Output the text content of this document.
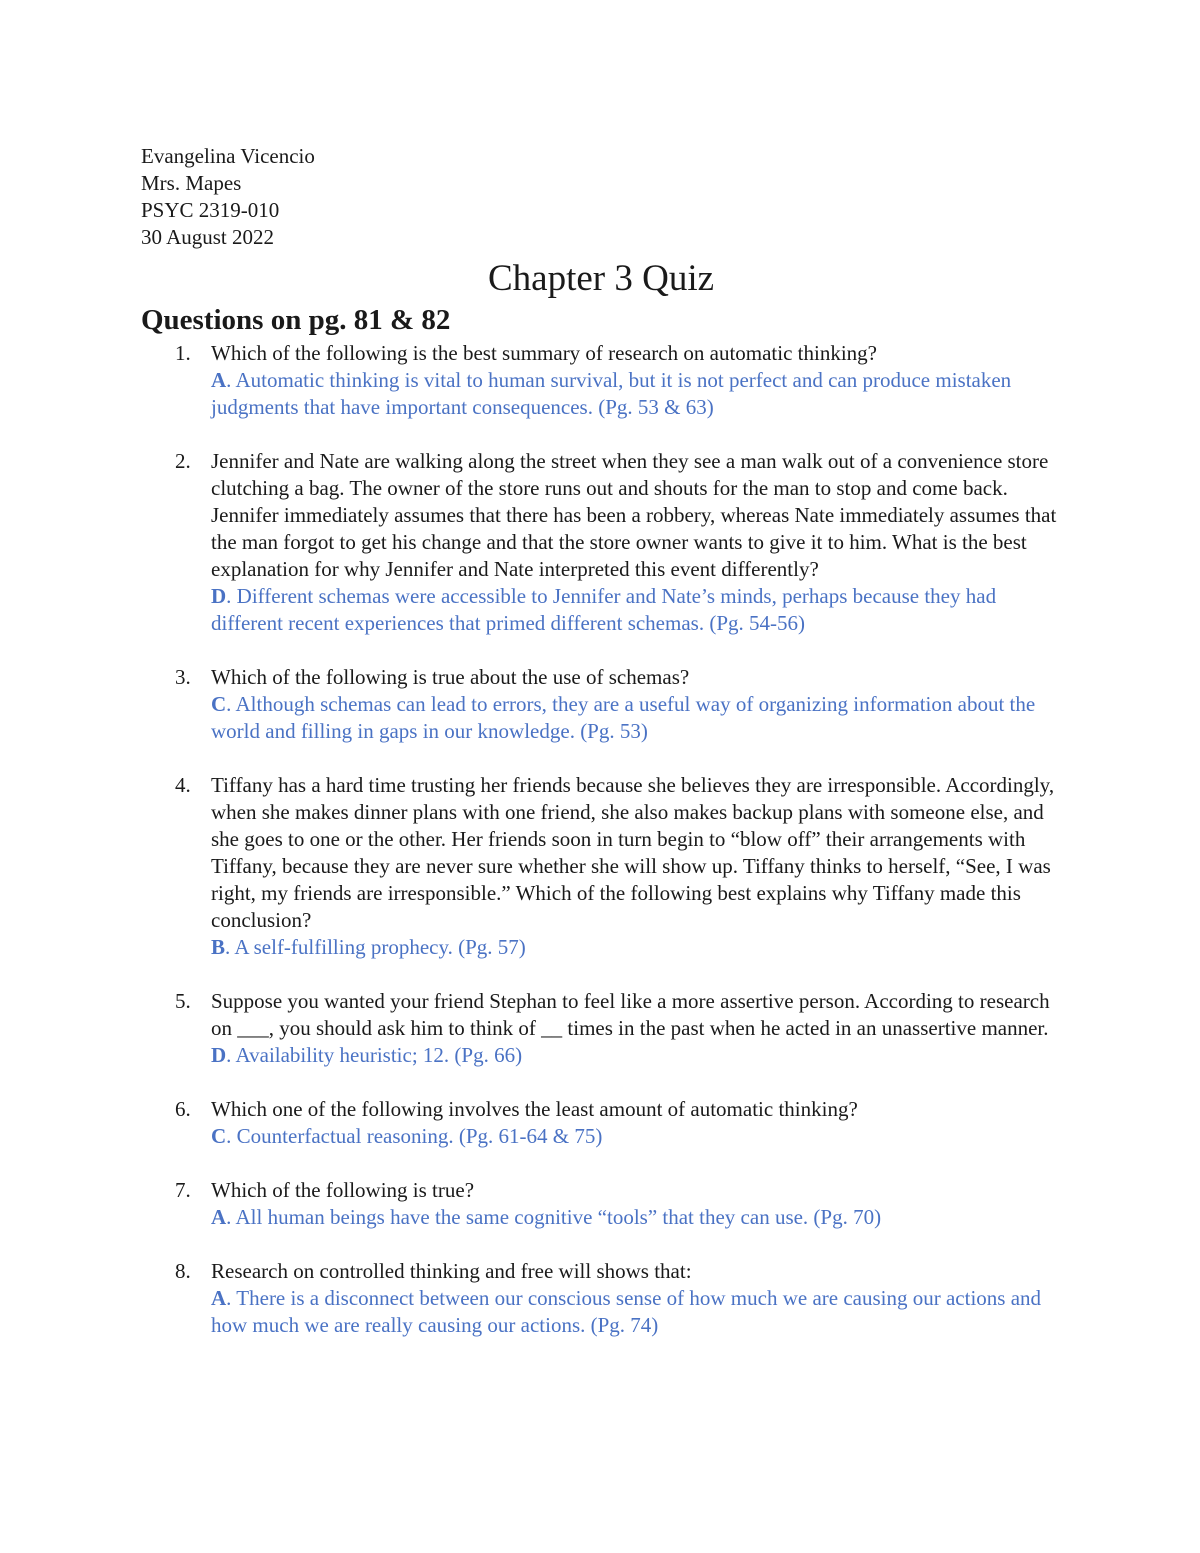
Evangelina Vicencio

Mrs. Mapes

PSYC 2319-010

30 August 2022

Chapter 3 Quiz
Questions on pg. 81 & 82
1. Which of the following is the best summary of research on automatic thinking?
A. Automatic thinking is vital to human survival, but it is not perfect and can produce mistaken judgments that have important consequences. (Pg. 53 & 63)
2. Jennifer and Nate are walking along the street when they see a man walk out of a convenience store clutching a bag. The owner of the store runs out and shouts for the man to stop and come back. Jennifer immediately assumes that there has been a robbery, whereas Nate immediately assumes that the man forgot to get his change and that the store owner wants to give it to him. What is the best explanation for why Jennifer and Nate interpreted this event differently?
D. Different schemas were accessible to Jennifer and Nate’s minds, perhaps because they had different recent experiences that primed different schemas. (Pg. 54-56)
3. Which of the following is true about the use of schemas?
C. Although schemas can lead to errors, they are a useful way of organizing information about the world and filling in gaps in our knowledge. (Pg. 53)
4. Tiffany has a hard time trusting her friends because she believes they are irresponsible. Accordingly, when she makes dinner plans with one friend, she also makes backup plans with someone else, and she goes to one or the other. Her friends soon in turn begin to “blow off” their arrangements with Tiffany, because they are never sure whether she will show up. Tiffany thinks to herself, “See, I was right, my friends are irresponsible.” Which of the following best explains why Tiffany made this conclusion?
B. A self-fulfilling prophecy. (Pg. 57)
5. Suppose you wanted your friend Stephan to feel like a more assertive person. According to research on ___, you should ask him to think of __ times in the past when he acted in an unassertive manner.
D. Availability heuristic; 12. (Pg. 66)
6. Which one of the following involves the least amount of automatic thinking?
C. Counterfactual reasoning. (Pg. 61-64 & 75)
7. Which of the following is true?
A. All human beings have the same cognitive “tools” that they can use. (Pg. 70)
8. Research on controlled thinking and free will shows that:
A. There is a disconnect between our conscious sense of how much we are causing our actions and how much we are really causing our actions. (Pg. 74)
